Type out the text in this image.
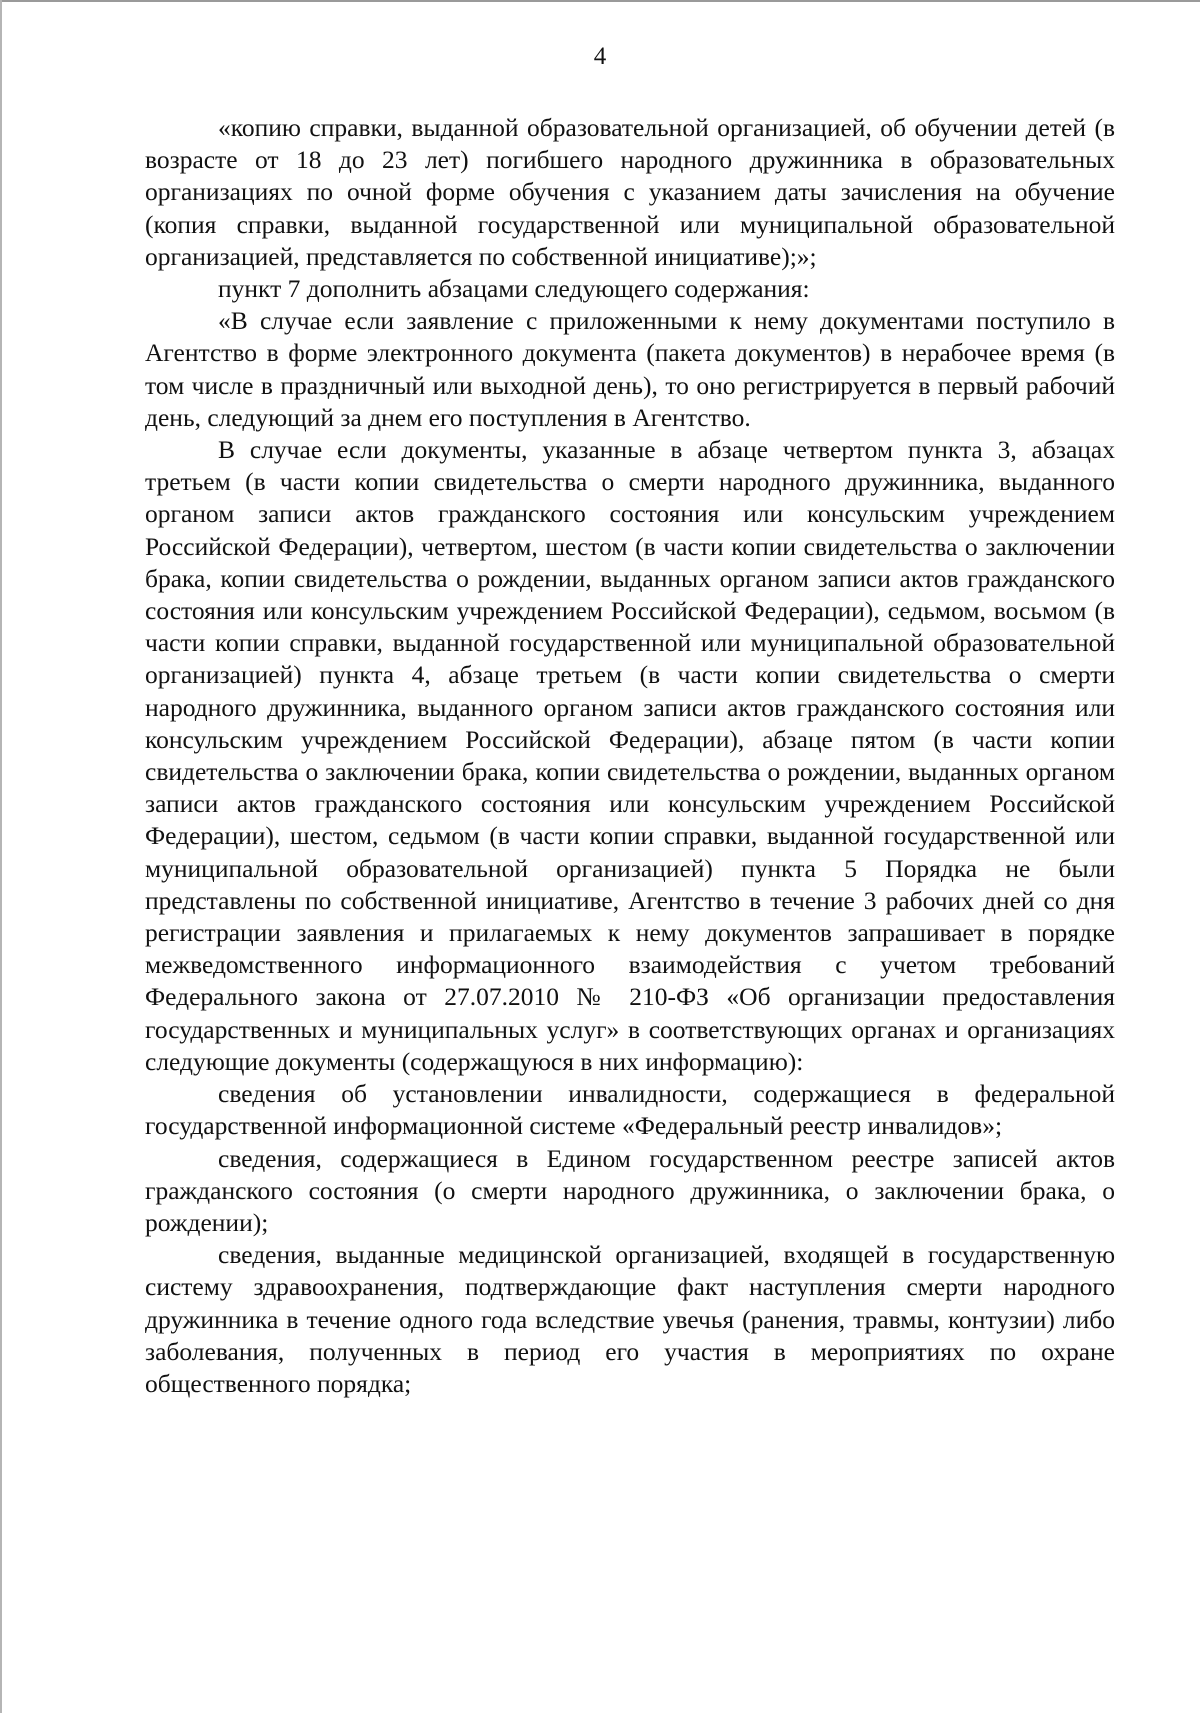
4

«копию справки, выданной образовательной организацией, об обучении детей (в возрасте от 18 до 23 лет) погибшего народного дружинника в образовательных организациях по очной форме обучения с указанием даты зачисления на обучение (копия справки, выданной государственной или муниципальной образовательной организацией, представляется по собственной инициативе);»;

пункт 7 дополнить абзацами следующего содержания:

«В случае если заявление с приложенными к нему документами поступило в Агентство в форме электронного документа (пакета документов) в нерабочее время (в том числе в праздничный или выходной день), то оно регистрируется в первый рабочий день, следующий за днем его поступления в Агентство.

В случае если документы, указанные в абзаце четвертом пункта 3, абзацах третьем (в части копии свидетельства о смерти народного дружинника, выданного органом записи актов гражданского состояния или консульским учреждением Российской Федерации), четвертом, шестом (в части копии свидетельства о заключении брака, копии свидетельства о рождении, выданных органом записи актов гражданского состояния или консульским учреждением Российской Федерации), седьмом, восьмом (в части копии справки, выданной государственной или муниципальной образовательной организацией) пункта 4, абзаце третьем (в части копии свидетельства о смерти народного дружинника, выданного органом записи актов гражданского состояния или консульским учреждением Российской Федерации), абзаце пятом (в части копии свидетельства о заключении брака, копии свидетельства о рождении, выданных органом записи актов гражданского состояния или консульским учреждением Российской Федерации), шестом, седьмом (в части копии справки, выданной государственной или муниципальной образовательной организацией) пункта 5 Порядка не были представлены по собственной инициативе, Агентство в течение 3 рабочих дней со дня регистрации заявления и прилагаемых к нему документов запрашивает в порядке межведомственного информационного взаимодействия с учетом требований Федерального закона от 27.07.2010 № 210-ФЗ «Об организации предоставления государственных и муниципальных услуг» в соответствующих органах и организациях следующие документы (содержащуюся в них информацию):

сведения об установлении инвалидности, содержащиеся в федеральной государственной информационной системе «Федеральный реестр инвалидов»;

сведения, содержащиеся в Едином государственном реестре записей актов гражданского состояния (о смерти народного дружинника, о заключении брака, о рождении);

сведения, выданные медицинской организацией, входящей в государственную систему здравоохранения, подтверждающие факт наступления смерти народного дружинника в течение одного года вследствие увечья (ранения, травмы, контузии) либо заболевания, полученных в период его участия в мероприятиях по охране общественного порядка;
